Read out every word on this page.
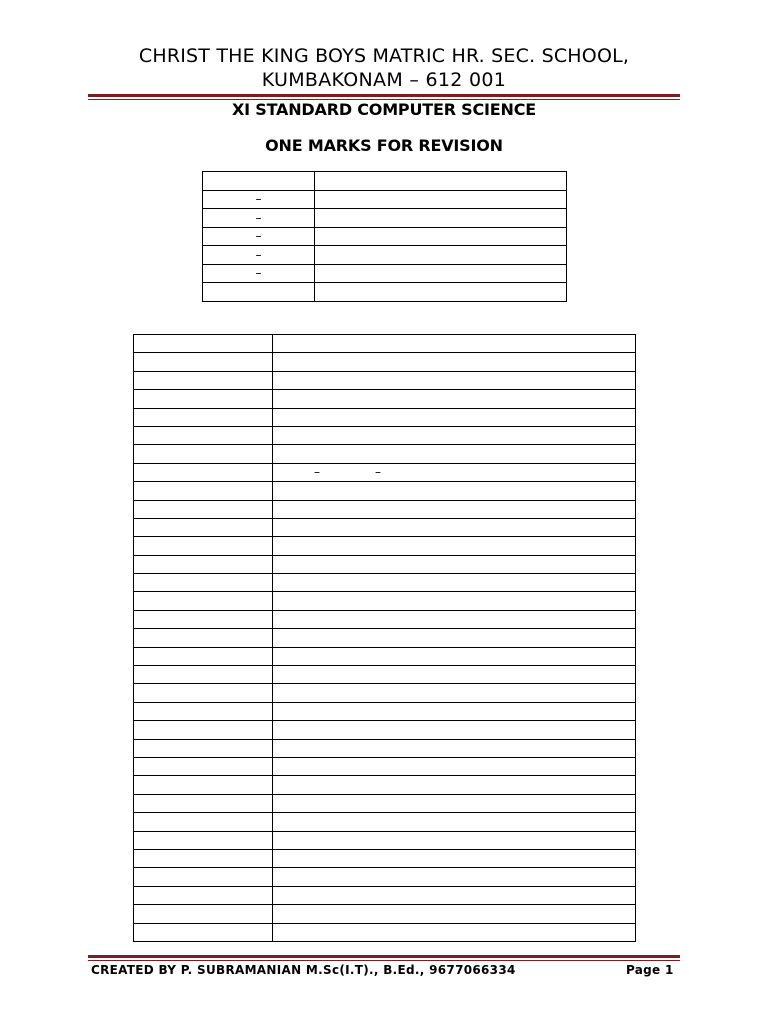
CHRIST THE KING BOYS MATRIC HR. SEC. SCHOOL,
KUMBAKONAM – 612 001
XI STANDARD COMPUTER SCIENCE
ONE MARKS FOR REVISION

–	
–	
–	
–	
–	

	– –

CREATED BY P. SUBRAMANIAN M.Sc(I.T)., B.Ed., 9677066334	Page 1
